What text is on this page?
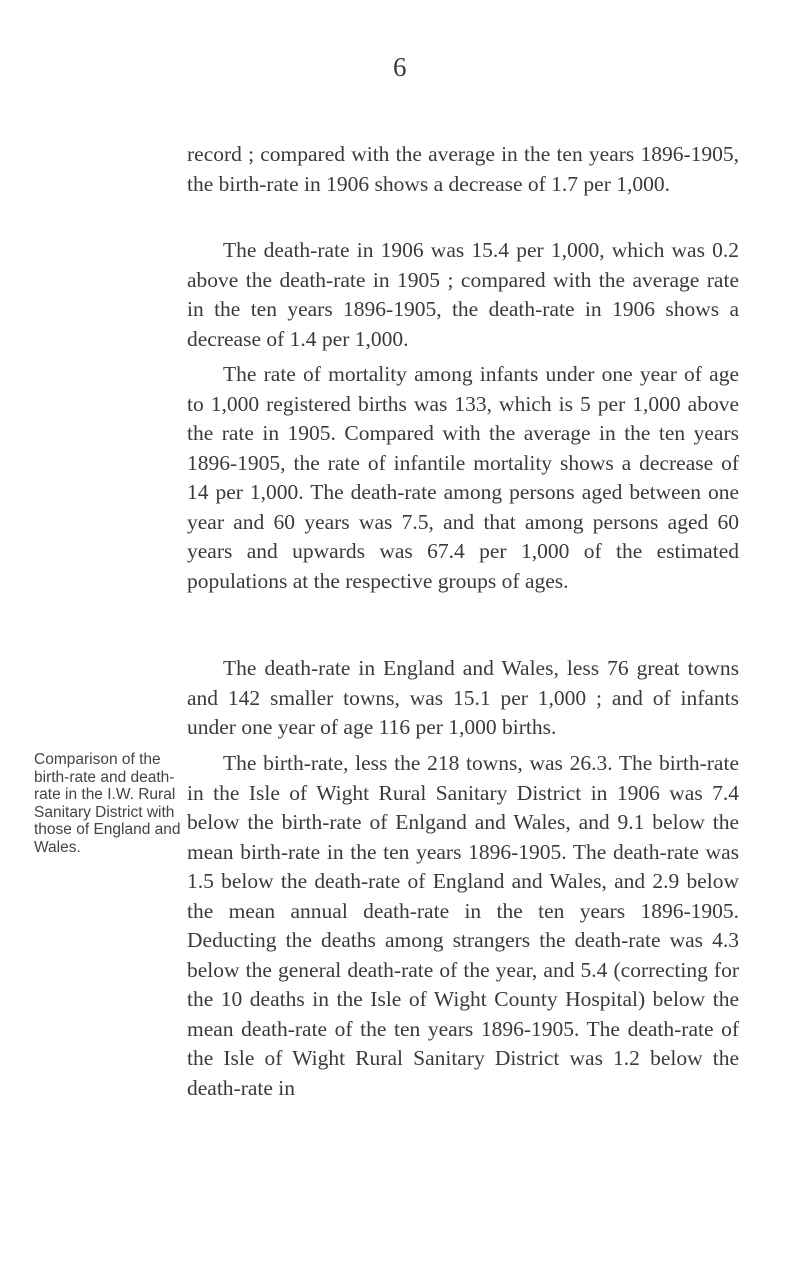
6

record ; compared with the average in the ten years 1896-1905, the birth-rate in 1906 shows a decrease of 1.7 per 1,000.

The death-rate in 1906 was 15.4 per 1,000, which was 0.2 above the death-rate in 1905 ; compared with the average rate in the ten years 1896-1905, the death-rate in 1906 shows a decrease of 1.4 per 1,000.

The rate of mortality among infants under one year of age to 1,000 registered births was 133, which is 5 per 1,000 above the rate in 1905. Compared with the average in the ten years 1896-1905, the rate of infantile mortality shows a decrease of 14 per 1,000. The death-rate among persons aged between one year and 60 years was 7.5, and that among persons aged 60 years and upwards was 67.4 per 1,000 of the estimated populations at the respective groups of ages.

The death-rate in England and Wales, less 76 great towns and 142 smaller towns, was 15.1 per 1,000 ; and of infants under one year of age 116 per 1,000 births.

Comparison of the birth-rate and death-rate in the I.W. Rural Sanitary District with those of England and Wales.

The birth-rate, less the 218 towns, was 26.3. The birth-rate in the Isle of Wight Rural Sanitary District in 1906 was 7.4 below the birth-rate of Enlgand and Wales, and 9.1 below the mean birth-rate in the ten years 1896-1905. The death-rate was 1.5 below the death-rate of England and Wales, and 2.9 below the mean annual death-rate in the ten years 1896-1905. Deducting the deaths among strangers the death-rate was 4.3 below the general death-rate of the year, and 5.4 (correcting for the 10 deaths in the Isle of Wight County Hospital) below the mean death-rate of the ten years 1896-1905. The death-rate of the Isle of Wight Rural Sanitary District was 1.2 below the death-rate in
